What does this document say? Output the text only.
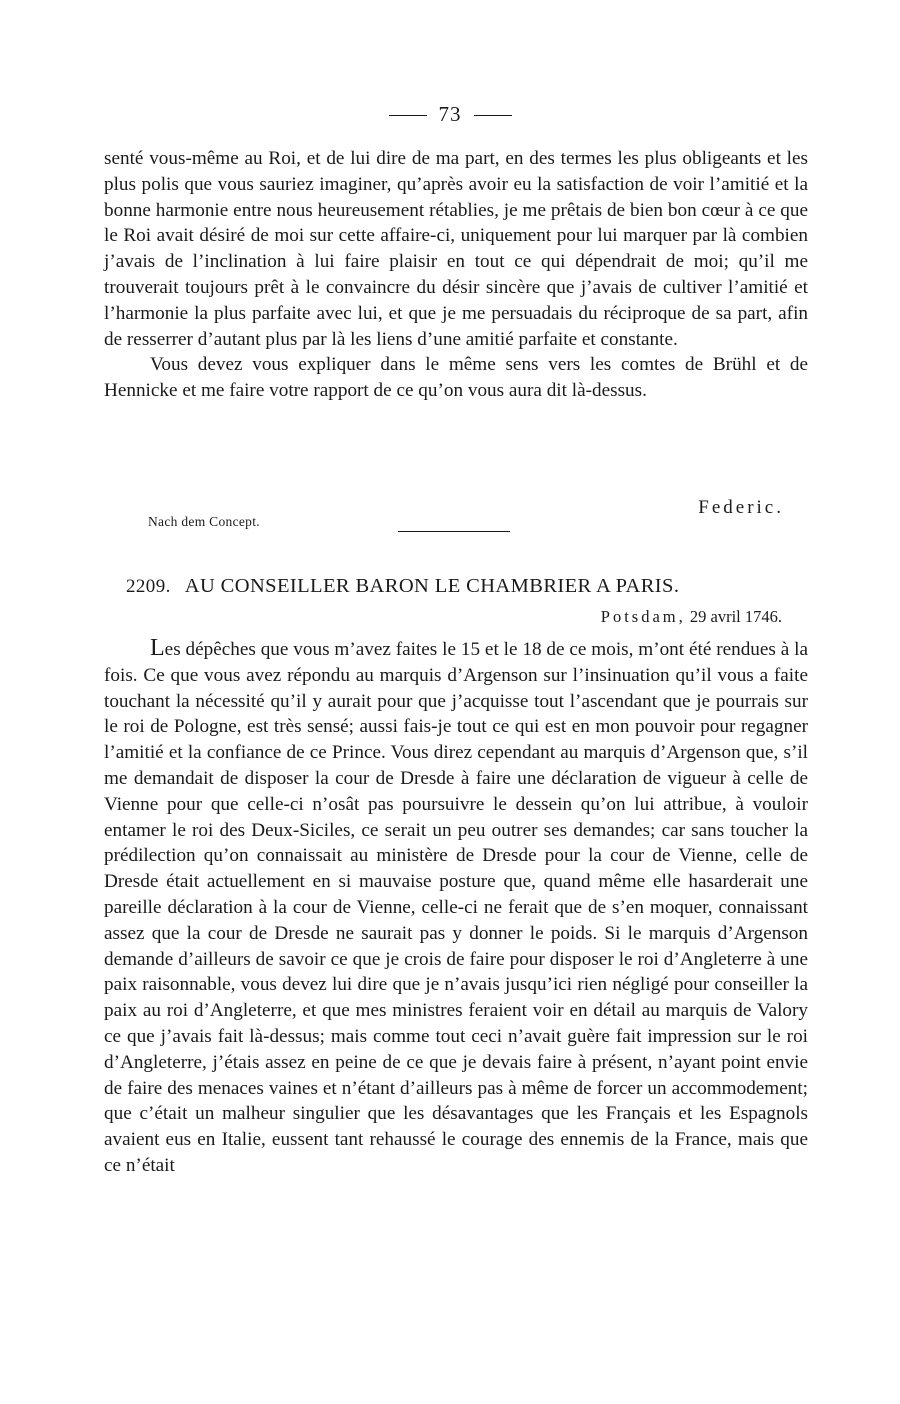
73

senté vous-même au Roi, et de lui dire de ma part, en des termes les plus obligeants et les plus polis que vous sauriez imaginer, qu’après avoir eu la satisfaction de voir l’amitié et la bonne harmonie entre nous heureusement rétablies, je me prêtais de bien bon cœur à ce que le Roi avait désiré de moi sur cette affaire-ci, uniquement pour lui marquer par là combien j’avais de l’inclination à lui faire plaisir en tout ce qui dépendrait de moi; qu’il me trouverait toujours prêt à le convaincre du désir sincère que j’avais de cultiver l’amitié et l’harmonie la plus parfaite avec lui, et que je me persuadais du réciproque de sa part, afin de resserrer d’autant plus par là les liens d’une amitié parfaite et constante.

Vous devez vous expliquer dans le même sens vers les comtes de Brühl et de Hennicke et me faire votre rapport de ce qu’on vous aura dit là-dessus.

Federic.
Nach dem Concept.
2209. AU CONSEILLER BARON LE CHAMBRIER A PARIS.
Potsdam, 29 avril 1746.

Les dépêches que vous m’avez faites le 15 et le 18 de ce mois, m’ont été rendues à la fois. Ce que vous avez répondu au marquis d’Argenson sur l’insinuation qu’il vous a faite touchant la nécessité qu’il y aurait pour que j’acquisse tout l’ascendant que je pourrais sur le roi de Pologne, est très sensé; aussi fais-je tout ce qui est en mon pouvoir pour regagner l’amitié et la confiance de ce Prince. Vous direz cependant au marquis d’Argenson que, s’il me demandait de disposer la cour de Dresde à faire une déclaration de vigueur à celle de Vienne pour que celle-ci n’osât pas poursuivre le dessein qu’on lui attribue, à vouloir entamer le roi des Deux-Siciles, ce serait un peu outrer ses demandes; car sans toucher la prédilection qu’on connaissait au ministère de Dresde pour la cour de Vienne, celle de Dresde était actuellement en si mauvaise posture que, quand même elle hasarderait une pareille déclaration à la cour de Vienne, celle-ci ne ferait que de s’en moquer, connaissant assez que la cour de Dresde ne saurait pas y donner le poids. Si le marquis d’Argenson demande d’ailleurs de savoir ce que je crois de faire pour disposer le roi d’Angleterre à une paix raisonnable, vous devez lui dire que je n’avais jusqu’ici rien négligé pour conseiller la paix au roi d’Angleterre, et que mes ministres feraient voir en détail au marquis de Valory ce que j’avais fait là-dessus; mais comme tout ceci n’avait guère fait impression sur le roi d’Angleterre, j’étais assez en peine de ce que je devais faire à présent, n’ayant point envie de faire des menaces vaines et n’étant d’ailleurs pas à même de forcer un accommodement; que c’était un malheur singulier que les désavantages que les Français et les Espagnols avaient eus en Italie, eussent tant rehaussé le courage des ennemis de la France, mais que ce n’était
